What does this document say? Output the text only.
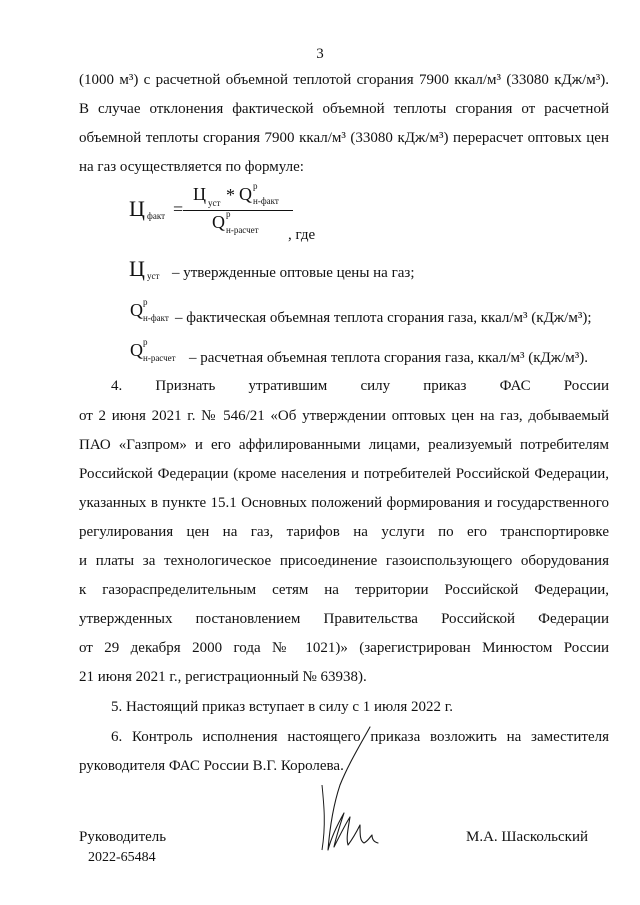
3
(1000 м³) с расчетной объемной теплотой сгорания 7900 ккал/м³ (33080 кДж/м³).
В случае отклонения фактической объемной теплоты сгорания от расчетной
объемной теплоты сгорания 7900 ккал/м³ (33080 кДж/м³) перерасчет оптовых цен
на газ осуществляется по формуле:
Ц факт =
Ц уст * Q р
н-факт
Q р
н-расчет , где
Ц уст – утвержденные оптовые цены на газ;
Q р
н-факт – фактическая объемная теплота сгорания газа, ккал/м³ (кДж/м³);
Q р
н-расчет – расчетная объемная теплота сгорания газа, ккал/м³ (кДж/м³).
4. Признать утратившим силу приказ ФАС России
от 2 июня 2021 г. № 546/21 «Об утверждении оптовых цен на газ, добываемый
ПАО «Газпром» и его аффилированными лицами, реализуемый потребителям
Российской Федерации (кроме населения и потребителей Российской Федерации,
указанных в пункте 15.1 Основных положений формирования и государственного
регулирования цен на газ, тарифов на услуги по его транспортировке
и платы за технологическое присоединение газоиспользующего оборудования
к газораспределительным сетям на территории Российской Федерации,
утвержденных постановлением Правительства Российской Федерации
от 29 декабря 2000 года № 1021)» (зарегистрирован Минюстом России
21 июня 2021 г., регистрационный № 63938).
5. Настоящий приказ вступает в силу с 1 июля 2022 г.
6. Контроль исполнения настоящего приказа возложить на заместителя
руководителя ФАС России В.Г. Королева.
Руководитель	М.А. Шаскольский
2022-65484
